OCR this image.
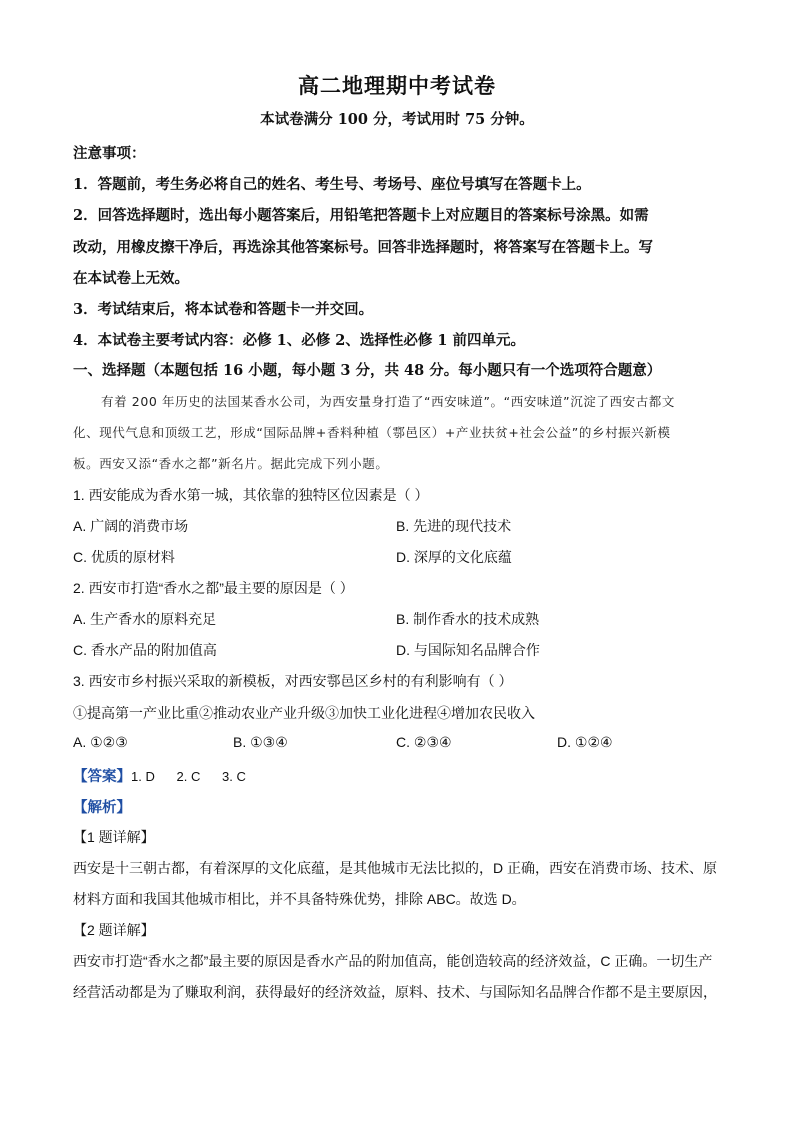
高二地理期中考试卷
本试卷满分 100 分，考试用时 75 分钟。
注意事项：
1．答题前，考生务必将自己的姓名、考生号、考场号、座位号填写在答题卡上。
2．回答选择题时，选出每小题答案后，用铅笔把答题卡上对应题目的答案标号涂黑。如需
改动，用橡皮擦干净后，再选涂其他答案标号。回答非选择题时，将答案写在答题卡上。写
在本试卷上无效。
3．考试结束后，将本试卷和答题卡一并交回。
4．本试卷主要考试内容：必修 1、必修 2、选择性必修 1 前四单元。
一、选择题（本题包括 16 小题，每小题 3 分，共 48 分。每小题只有一个选项符合题意）
有着 200 年历史的法国某香水公司，为西安量身打造了“西安味道”。“西安味道”沉淀了西安古都文
化、现代气息和顶级工艺，形成“国际品牌+香料种植（鄠邑区）+产业扶贫+社会公益”的乡村振兴新模
板。西安又添“香水之都”新名片。据此完成下列小题。
1. 西安能成为香水第一城，其依靠的独特区位因素是（ ）
A. 广阔的消费市场	B. 先进的现代技术
C. 优质的原材料	D. 深厚的文化底蕴
2. 西安市打造“香水之都”最主要的原因是（ ）
A. 生产香水的原料充足	B. 制作香水的技术成熟
C. 香水产品的附加值高	D. 与国际知名品牌合作
3. 西安市乡村振兴采取的新模板，对西安鄠邑区乡村的有利影响有（ ）
①提高第一产业比重②推动农业产业升级③加快工业化进程④增加农民收入
A. ①②③	B. ①③④	C. ②③④	D. ①②④
【答案】1. D      2. C      3. C
【解析】
【1 题详解】
西安是十三朝古都，有着深厚的文化底蕴，是其他城市无法比拟的，D 正确，西安在消费市场、技术、原
材料方面和我国其他城市相比，并不具备特殊优势，排除 ABC。故选 D。
【2 题详解】
西安市打造“香水之都”最主要的原因是香水产品的附加值高，能创造较高的经济效益，C 正确。一切生产
经营活动都是为了赚取利润，获得最好的经济效益，原料、技术、与国际知名品牌合作都不是主要原因，
